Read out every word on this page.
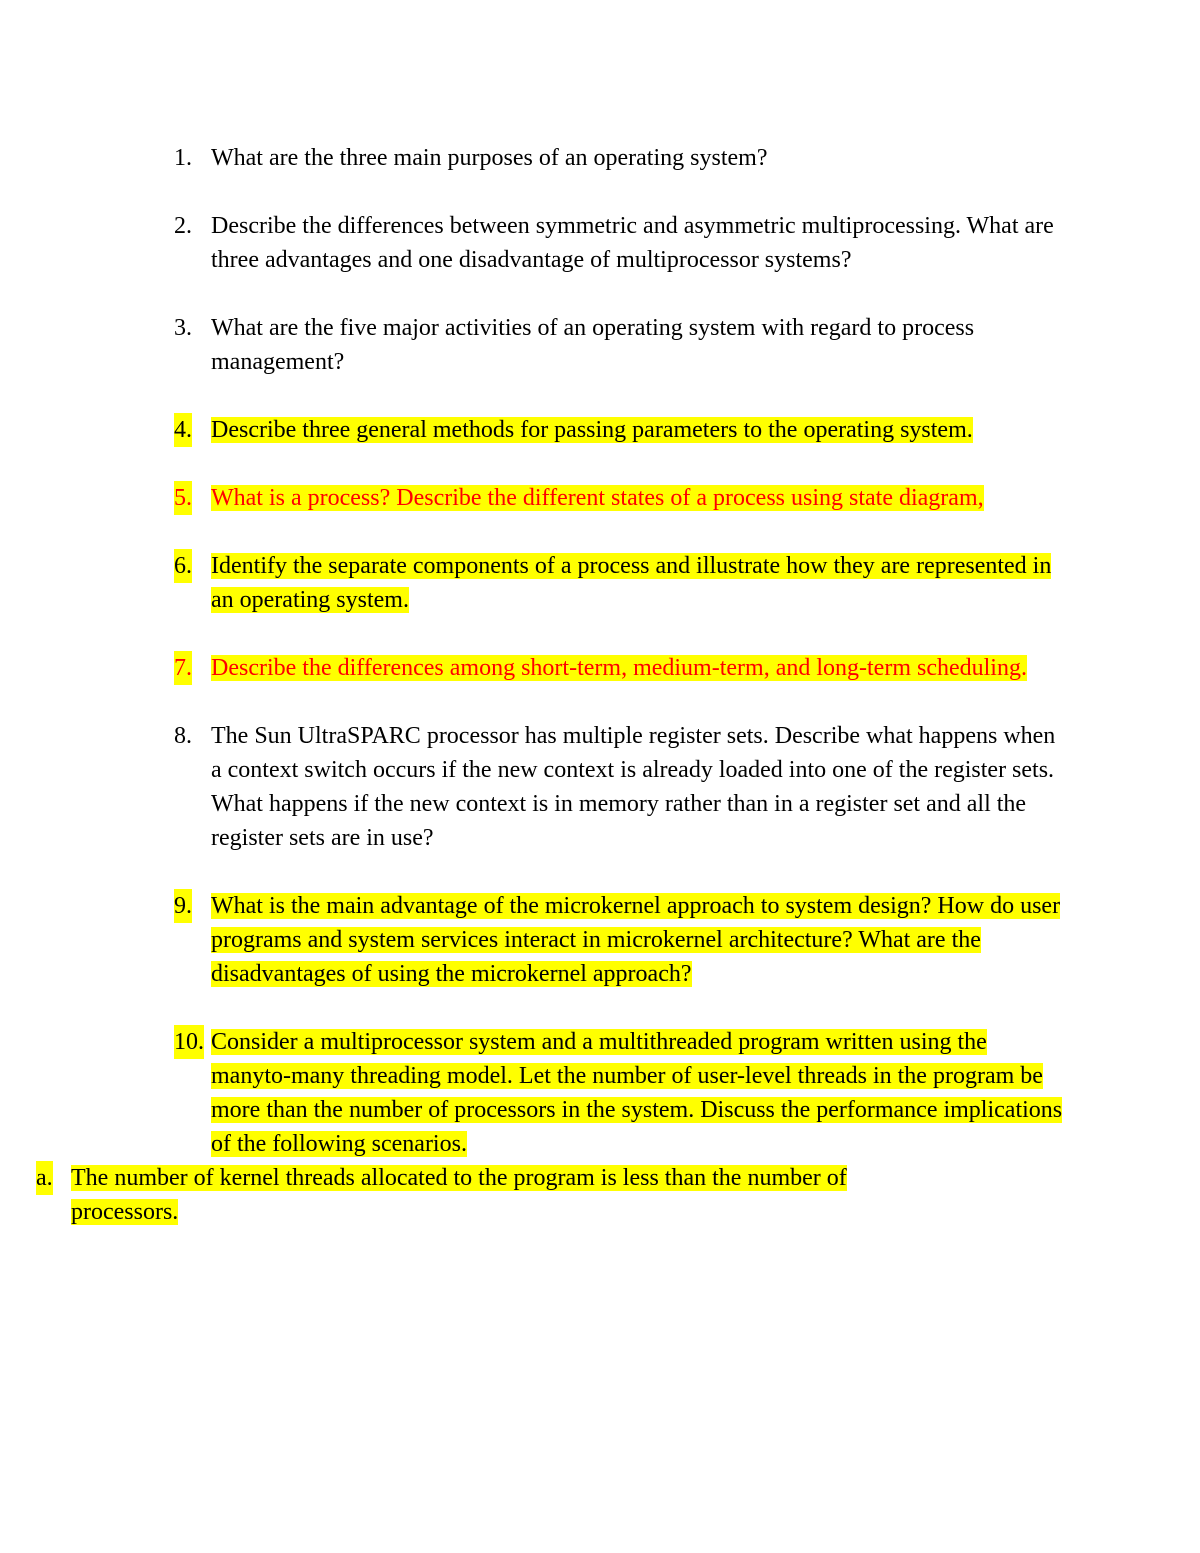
1. What are the three main purposes of an operating system?
2. Describe the differences between symmetric and asymmetric multiprocessing. What are three advantages and one disadvantage of multiprocessor systems?
3. What are the five major activities of an operating system with regard to process management?
4. Describe three general methods for passing parameters to the operating system.
5. What is a process? Describe the different states of a process using state diagram,
6. Identify the separate components of a process and illustrate how they are represented in an operating system.
7. Describe the differences among short-term, medium-term, and long-term scheduling.
8. The Sun UltraSPARC processor has multiple register sets. Describe what happens when a context switch occurs if the new context is already loaded into one of the register sets. What happens if the new context is in memory rather than in a register set and all the register sets are in use?
9. What is the main advantage of the microkernel approach to system design? How do user programs and system services interact in microkernel architecture? What are the disadvantages of using the microkernel approach?
10. Consider a multiprocessor system and a multithreaded program written using the manyto-many threading model. Let the number of user-level threads in the program be more than the number of processors in the system. Discuss the performance implications of the following scenarios.
a. The number of kernel threads allocated to the program is less than the number of processors.
